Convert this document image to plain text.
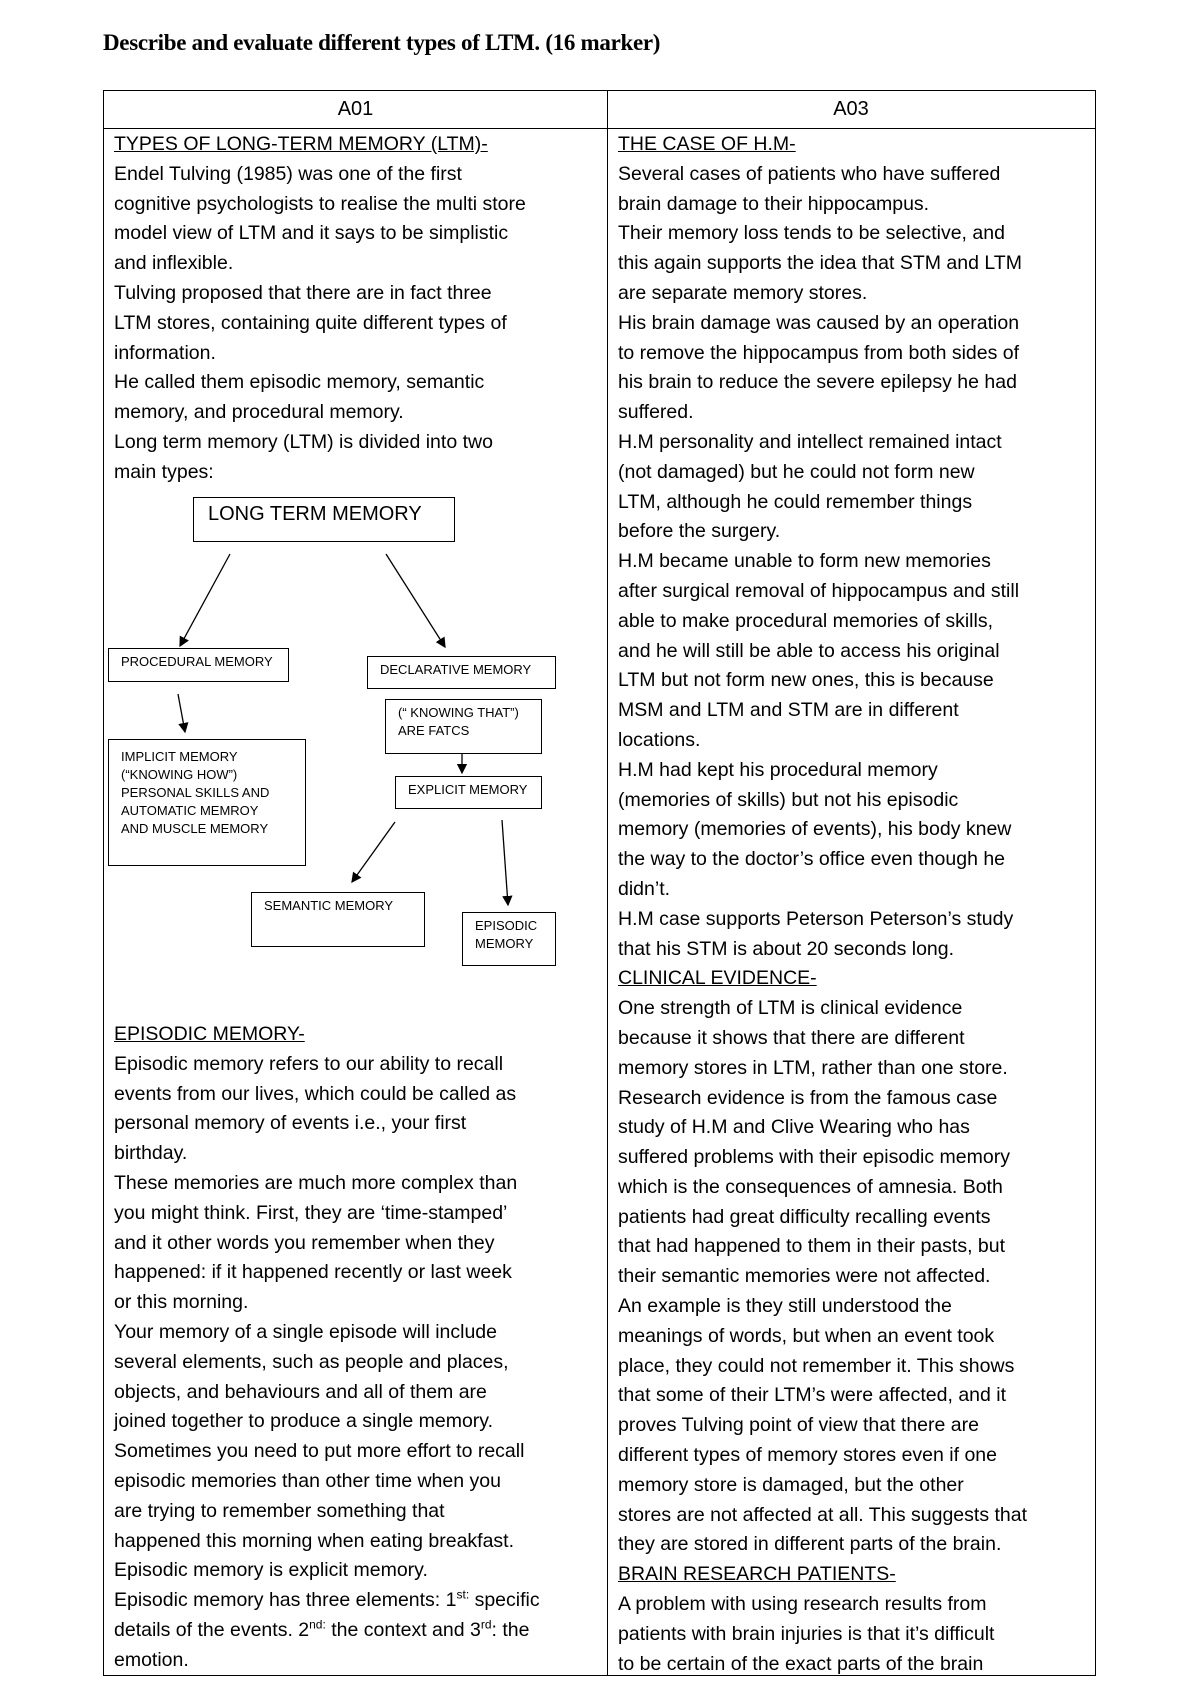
Describe and evaluate different types of LTM. (16 marker)
A01	A03
TYPES OF LONG-TERM MEMORY (LTM)-
Endel Tulving (1985) was one of the first
cognitive psychologists to realise the multi store
model view of LTM and it says to be simplistic
and inflexible.
Tulving proposed that there are in fact three
LTM stores, containing quite different types of
information.
He called them episodic memory, semantic
memory, and procedural memory.
Long term memory (LTM) is divided into two
main types:
EPISODIC MEMORY-
Episodic memory refers to our ability to recall
events from our lives, which could be called as
personal memory of events i.e., your first
birthday.
These memories are much more complex than
you might think. First, they are ‘time-stamped’
and it other words you remember when they
happened: if it happened recently or last week
or this morning.
Your memory of a single episode will include
several elements, such as people and places,
objects, and behaviours and all of them are
joined together to produce a single memory.
Sometimes you need to put more effort to recall
episodic memories than other time when you
are trying to remember something that
happened this morning when eating breakfast.
Episodic memory is explicit memory.
Episodic memory has three elements: $1^{st:}$ specific
details of the events. $2^{nd:}$ the context and 3rd: the
emotion.
THE CASE OF H.M-
Several cases of patients who have suffered
brain damage to their hippocampus.
Their memory loss tends to be selective, and
this again supports the idea that STM and LTM
are separate memory stores.
His brain damage was caused by an operation
to remove the hippocampus from both sides of
his brain to reduce the severe epilepsy he had
suffered.
H.M personality and intellect remained intact
(not damaged) but he could not form new
LTM, although he could remember things
before the surgery.
H.M became unable to form new memories
after surgical removal of hippocampus and still
able to make procedural memories of skills,
and he will still be able to access his original
LTM but not form new ones, this is because
MSM and LTM and STM are in different
locations.
H.M had kept his procedural memory
(memories of skills) but not his episodic
memory (memories of events), his body knew
the way to the doctor’s office even though he
didn’t.
H.M case supports Peterson Peterson’s study
that his STM is about 20 seconds long.
CLINICAL EVIDENCE-
One strength of LTM is clinical evidence
because it shows that there are different
memory stores in LTM, rather than one store.
Research evidence is from the famous case
study of H.M and Clive Wearing who has
suffered problems with their episodic memory
which is the consequences of amnesia. Both
patients had great difficulty recalling events
that had happened to them in their pasts, but
their semantic memories were not affected.
An example is they still understood the
meanings of words, but when an event took
place, they could not remember it. This shows
that some of their LTM’s were affected, and it
proves Tulving point of view that there are
different types of memory stores even if one
memory store is damaged, but the other
stores are not affected at all. This suggests that
they are stored in different parts of the brain.
BRAIN RESEARCH PATIENTS-
A problem with using research results from
patients with brain injuries is that it’s difficult
to be certain of the exact parts of the brain
LONG TERM MEMORY
PROCEDURAL MEMORY
DECLARATIVE MEMORY
(“ KNOWING THAT”)
ARE FATCS
EXPLICIT MEMORY
IMPLICIT MEMORY
(“KNOWING HOW”)
PERSONAL SKILLS AND
AUTOMATIC MEMROY
AND MUSCLE MEMORY
SEMANTIC MEMORY
EPISODIC
MEMORY
